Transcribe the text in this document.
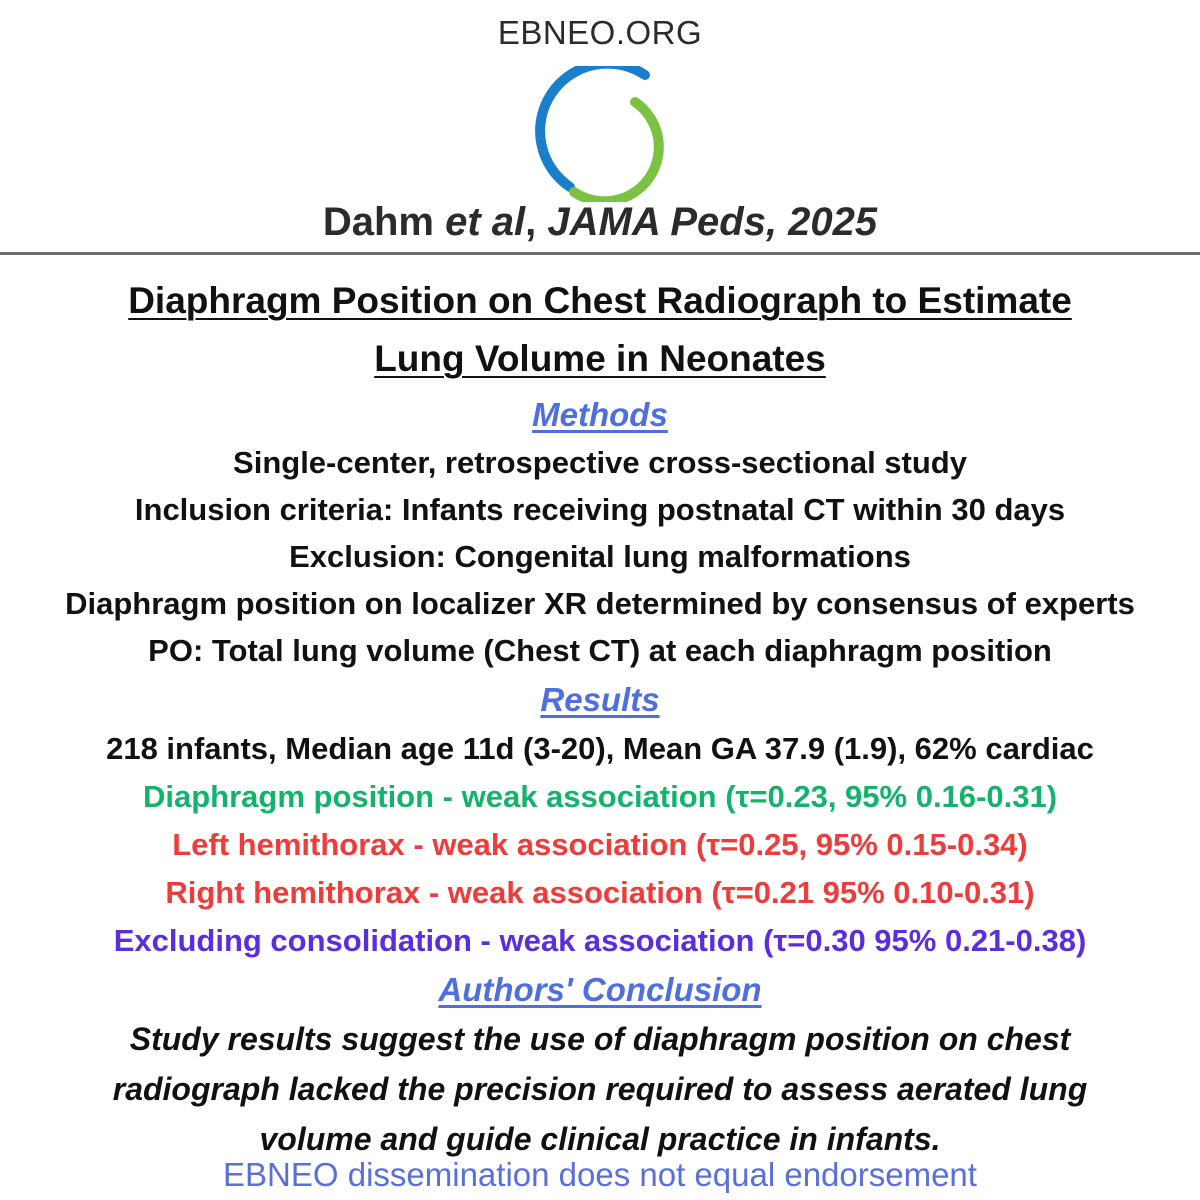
EBNEO.ORG
Dahm et al, JAMA Peds, 2025
Diaphragm Position on Chest Radiograph to Estimate
Lung Volume in Neonates
Methods
Single-center, retrospective cross-sectional study
Inclusion criteria: Infants receiving postnatal CT within 30 days
Exclusion: Congenital lung malformations
Diaphragm position on localizer XR determined by consensus of experts
PO: Total lung volume (Chest CT) at each diaphragm position
Results
218 infants, Median age 11d (3-20), Mean GA 37.9 (1.9), 62% cardiac
Diaphragm position - weak association (τ=0.23, 95% 0.16-0.31)
Left hemithorax - weak association (τ=0.25, 95% 0.15-0.34)
Right hemithorax - weak association (τ=0.21 95% 0.10-0.31)
Excluding consolidation - weak association (τ=0.30 95% 0.21-0.38)
Authors' Conclusion
Study results suggest the use of diaphragm position on chest
radiograph lacked the precision required to assess aerated lung
volume and guide clinical practice in infants.
EBNEO dissemination does not equal endorsement
